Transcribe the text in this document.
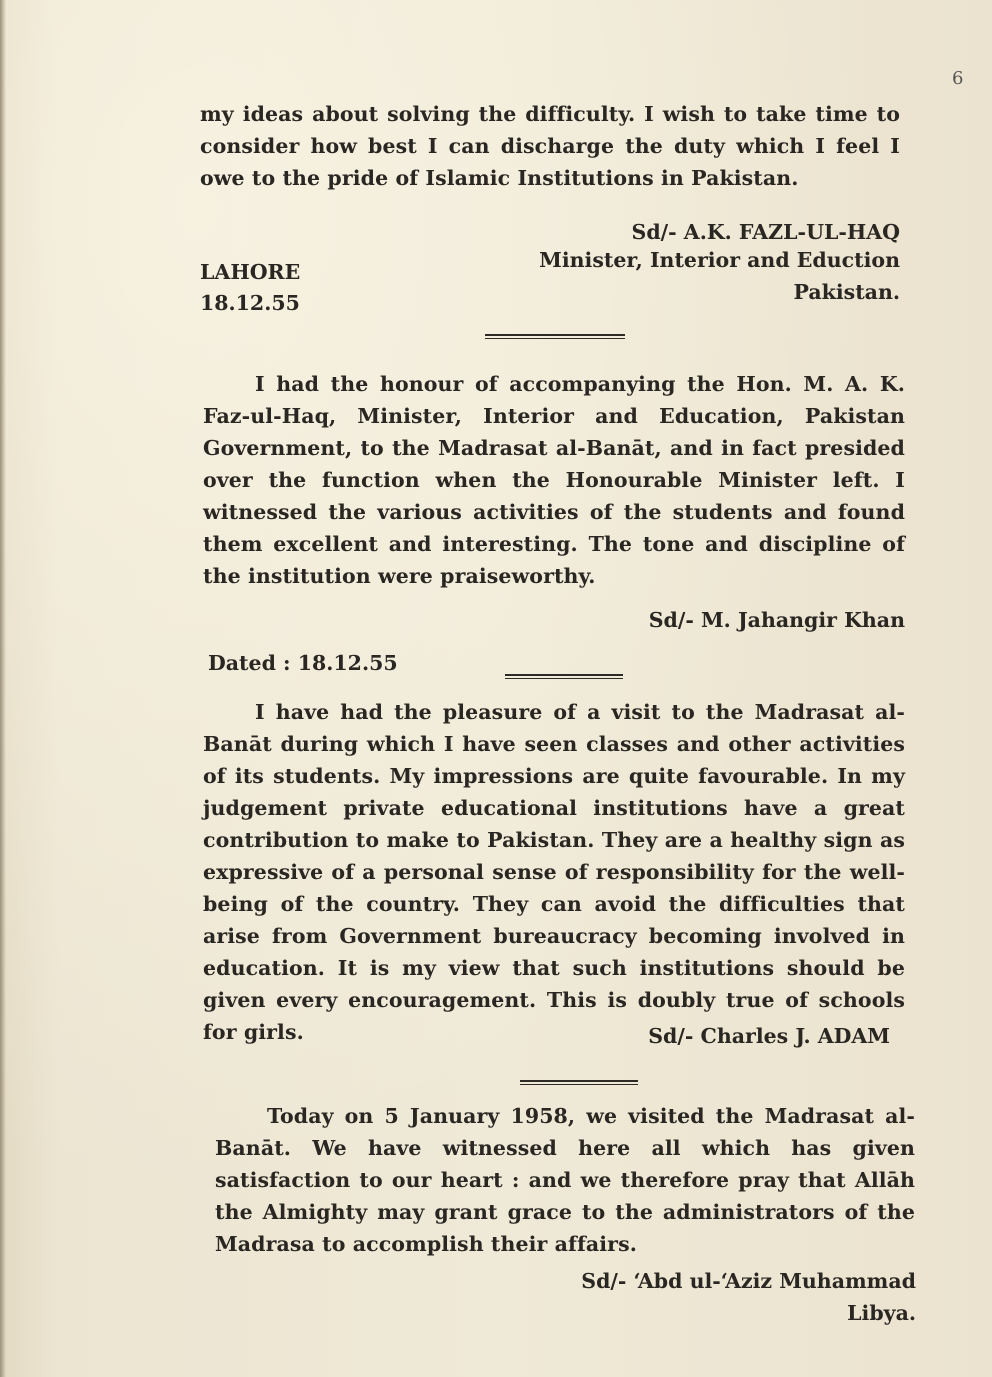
6

my ideas about solving the difficulty. I wish to take time to consider how best I can discharge the duty which I feel I owe to the pride of Islamic Institutions in Pakistan.

Sd/- A.K. FAZL-UL-HAQ
Minister, Interior and Eduction
Pakistan.
LAHORE
18.12.55

I had the honour of accompanying the Hon. M. A. K. Faz-ul-Haq, Minister, Interior and Education, Pakistan Government, to the Madrasat al-Banāt, and in fact presided over the function when the Honourable Minister left. I witnessed the various activities of the students and found them excellent and interesting. The tone and discipline of the institution were praiseworthy.

Sd/- M. Jahangir Khan
Dated : 18.12.55

I have had the pleasure of a visit to the Madrasat al-Banāt during which I have seen classes and other activities of its students. My impressions are quite favourable. In my judgement private educational institutions have a great contribution to make to Pakistan. They are a healthy sign as expressive of a personal sense of responsibility for the well-being of the country. They can avoid the difficulties that arise from Government bureaucracy becoming involved in education. It is my view that such institutions should be given every encouragement. This is doubly true of schools for girls.	Sd/- Charles J. ADAM

Today on 5 January 1958, we visited the Madrasat al-Banāt. We have witnessed here all which has given satisfaction to our heart : and we therefore pray that Allāh the Almighty may grant grace to the administrators of the Madrasa to accomplish their affairs.

Sd/- ‘Abd ul-‘Aziz Muhammad
Libya.
